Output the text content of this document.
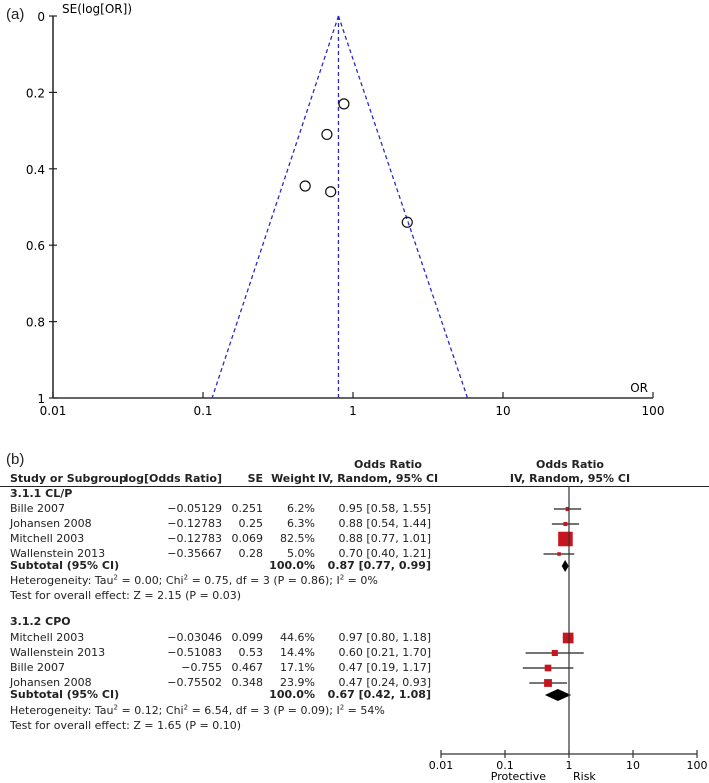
(a) 0
0.2
0.4
0.6
0.8
1
0.01	0.1	1	10	100
SE(log[OR])
OR
(b)	Odds Ratio	Odds Ratio
Study or Subgroup
log[Odds Ratio]	SE Weight IV, Random, 95% CI	IV, Random, 95% CI
3.1.1 CL/P
Bille 2007	−0.05129 0.251	6.2%	0.95 [0.58, 1.55]
Johansen 2008	−0.12783	0.25	6.3%	0.88 [0.54, 1.44]
Mitchell 2003	−0.12783 0.069	82.5%	0.88 [0.77, 1.01]
Wallenstein 2013	−0.35667	0.28	5.0%	0.70 [0.40, 1.21]
Subtotal (95% CI)	100.0%	0.87 [0.77, 0.99]
Heterogeneity: Tau$^2$ = 0.00; Chi$^2$ = 0.75, df = 3 (P = 0.86); $I^2 = 0\%$
Test for overall effect: Z = 2.15 (P = 0.03)
3.1.2 CPO
Mitchell 2003	−0.03046 0.099	44.6%	0.97 [0.80, 1.18]
Wallenstein 2013	−0.51083	0.53	14.4%	0.60 [0.21, 1.70]
Bille 2007	−0.755 0.467	17.1%	0.47 [0.19, 1.17]
Johansen 2008	−0.75502 0.348	23.9%	0.47 [0.24, 0.93]
Subtotal (95% CI)	100.0%	0.67 [0.42, 1.08]
Heterogeneity: Tau$^2$ = 0.12; Chi$^2$ = 6.54, df = 3 (P = 0.09); $I^2 = 54\%$
Test for overall effect: Z = 1.65 (P = 0.10)
0.01	0.1	1	10	100
Protective Risk
